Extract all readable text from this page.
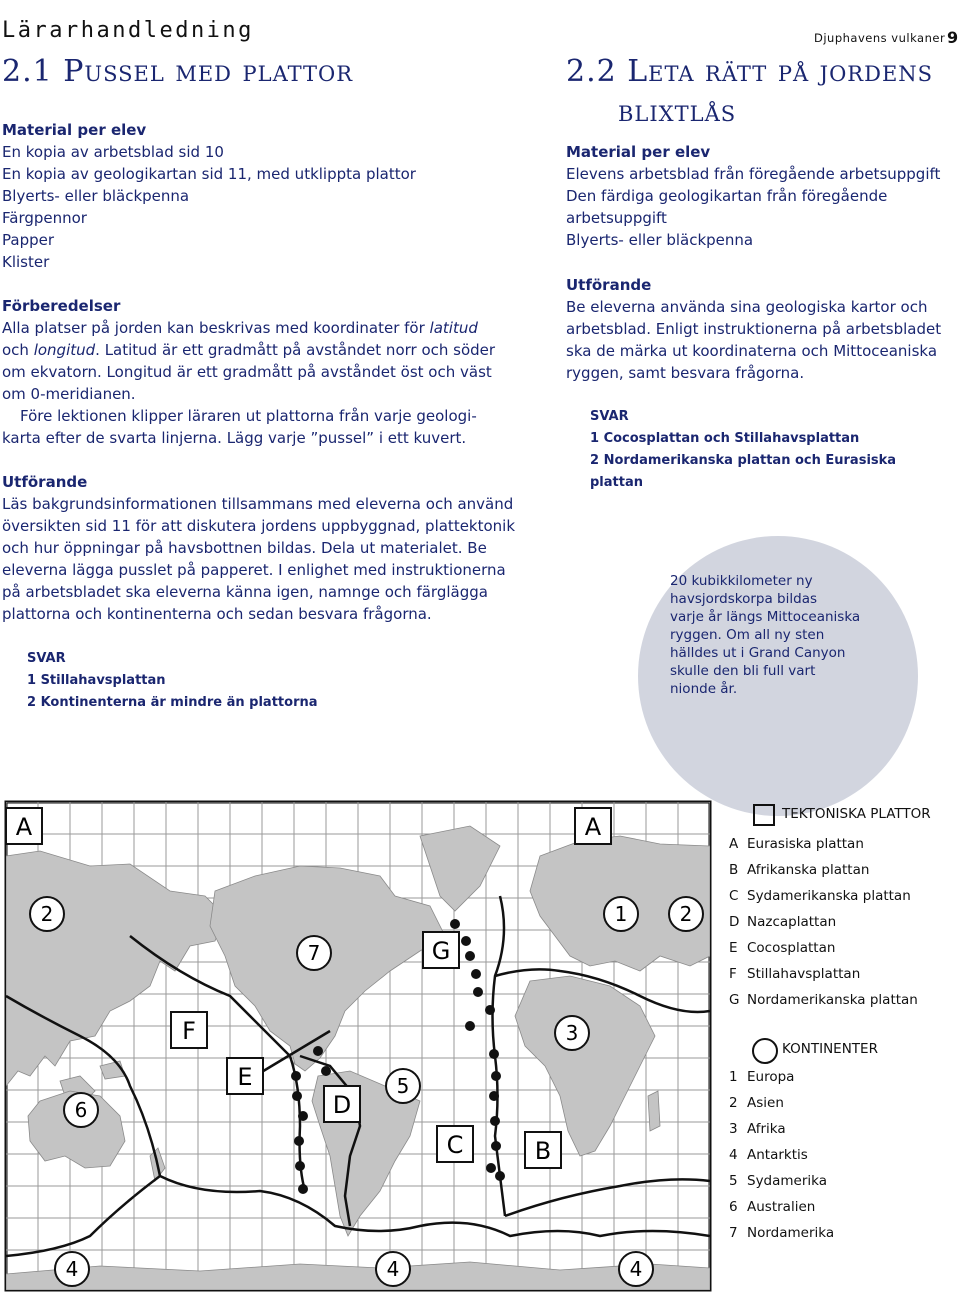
Lärarhandledning	Djuphavens vulkaner 9
2.1 Pussel med plattor

Material per elev

En kopia av arbetsblad sid 10

En kopia av geologikartan sid 11, med utklippta plattor

Blyerts- eller bläckpenna

Färgpennor

Papper

Klister

Förberedelser

Alla platser på jorden kan beskrivas med koordinater för latitud

och longitud. Latitud är ett gradmått på avståndet norr och söder

om ekvatorn. Longitud är ett gradmått på avståndet öst och väst

om 0-meridianen.

Före lektionen klipper läraren ut plattorna från varje geologi-

karta efter de svarta linjerna. Lägg varje ”pussel” i ett kuvert.

Utförande

Läs bakgrundsinformationen tillsammans med eleverna och använd

översikten sid 11 för att diskutera jordens uppbyggnad, plattektonik

och hur öppningar på havsbottnen bildas. Dela ut materialet. Be

eleverna lägga pusslet på papperet. I enlighet med instruktionerna

på arbetsbladet ska eleverna känna igen, namnge och färglägga

plattorna och kontinenterna och sedan besvara frågorna.

SVAR

1 Stillahavsplattan

2 Kontinenterna är mindre än plattorna

2.2 Leta rätt på jordens
blixtlås

Material per elev

Elevens arbetsblad från föregående arbetsuppgift

Den färdiga geologikartan från föregående

arbetsuppgift

Blyerts- eller bläckpenna

Utförande

Be eleverna använda sina geologiska kartor och

arbetsblad. Enligt instruktionerna på arbetsbladet

ska de märka ut koordinaterna och Mittoceaniska

ryggen, samt besvara frågorna.

SVAR

1 Cocosplattan och Stillahavsplattan

2 Nordamerikanska plattan och Eurasiska plattan

20 kubikkilometer ny
havsjordskorpa bildas
varje år längs Mittoceaniska
ryggen. Om all ny sten
hälldes ut i Grand Canyon
skulle den bli full vart
nionde år.
A	A
F
E
D
G
C	B
2
7
1	2
3
6
5
4	4	4
TEKTONISKA PLATTOR
A Eurasiska plattan
B Afrikanska plattan
C Sydamerikanska plattan
D Nazcaplattan
E Cocosplattan
F Stillahavsplattan
G Nordamerikanska plattan
KONTINENTER
1 Europa
2 Asien
3 Afrika
4 Antarktis
5 Sydamerika
6 Australien
7 Nordamerika
